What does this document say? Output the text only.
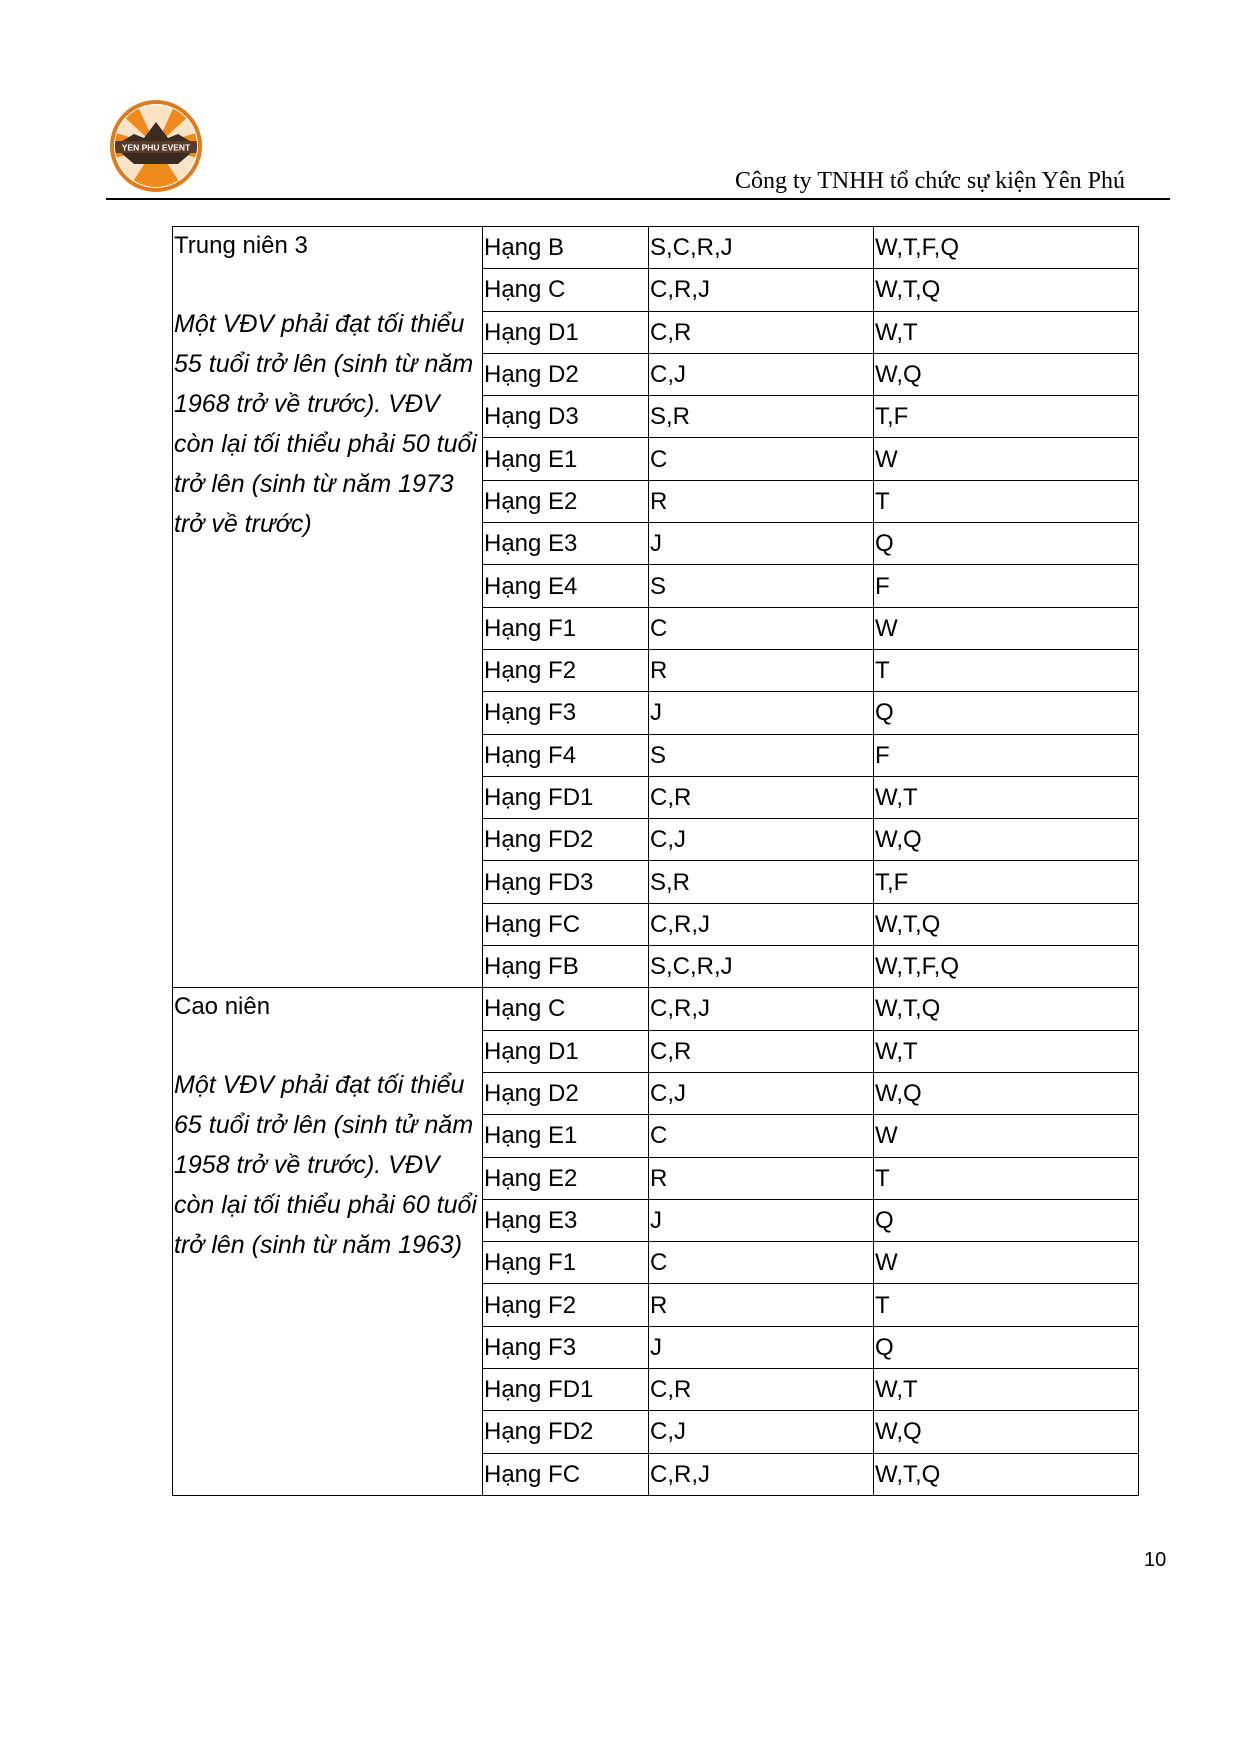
YEN PHU EVENT
Công ty TNHH tổ chức sự kiện Yên Phú
Trung niên 3
Một VĐV phải đạt tối thiểu 55 tuổi trở lên (sinh từ năm 1968 trở về trước). VĐV còn lại tối thiểu phải 50 tuổi trở lên (sinh từ năm 1973 trở về trước)	Hạng B	S,C,R,J	W,T,F,Q
	Hạng C	C,R,J	W,T,Q
	Hạng D1	C,R	W,T
	Hạng D2	C,J	W,Q
	Hạng D3	S,R	T,F
	Hạng E1	C	W
	Hạng E2	R	T
	Hạng E3	J	Q
	Hạng E4	S	F
	Hạng F1	C	W
	Hạng F2	R	T
	Hạng F3	J	Q
	Hạng F4	S	F
	Hạng FD1	C,R	W,T
	Hạng FD2	C,J	W,Q
	Hạng FD3	S,R	T,F
	Hạng FC	C,R,J	W,T,Q
	Hạng FB	S,C,R,J	W,T,F,Q

Cao niên
Một VĐV phải đạt tối thiểu 65 tuổi trở lên (sinh tử năm 1958 trở về trước). VĐV còn lại tối thiểu phải 60 tuổi trở lên (sinh từ năm 1963)	Hạng C	C,R,J	W,T,Q
	Hạng D1	C,R	W,T
	Hạng D2	C,J	W,Q
	Hạng E1	C	W
	Hạng E2	R	T
	Hạng E3	J	Q
	Hạng F1	C	W
	Hạng F2	R	T
	Hạng F3	J	Q
	Hạng FD1	C,R	W,T
	Hạng FD2	C,J	W,Q
	Hạng FC	C,R,J	W,T,Q
10
